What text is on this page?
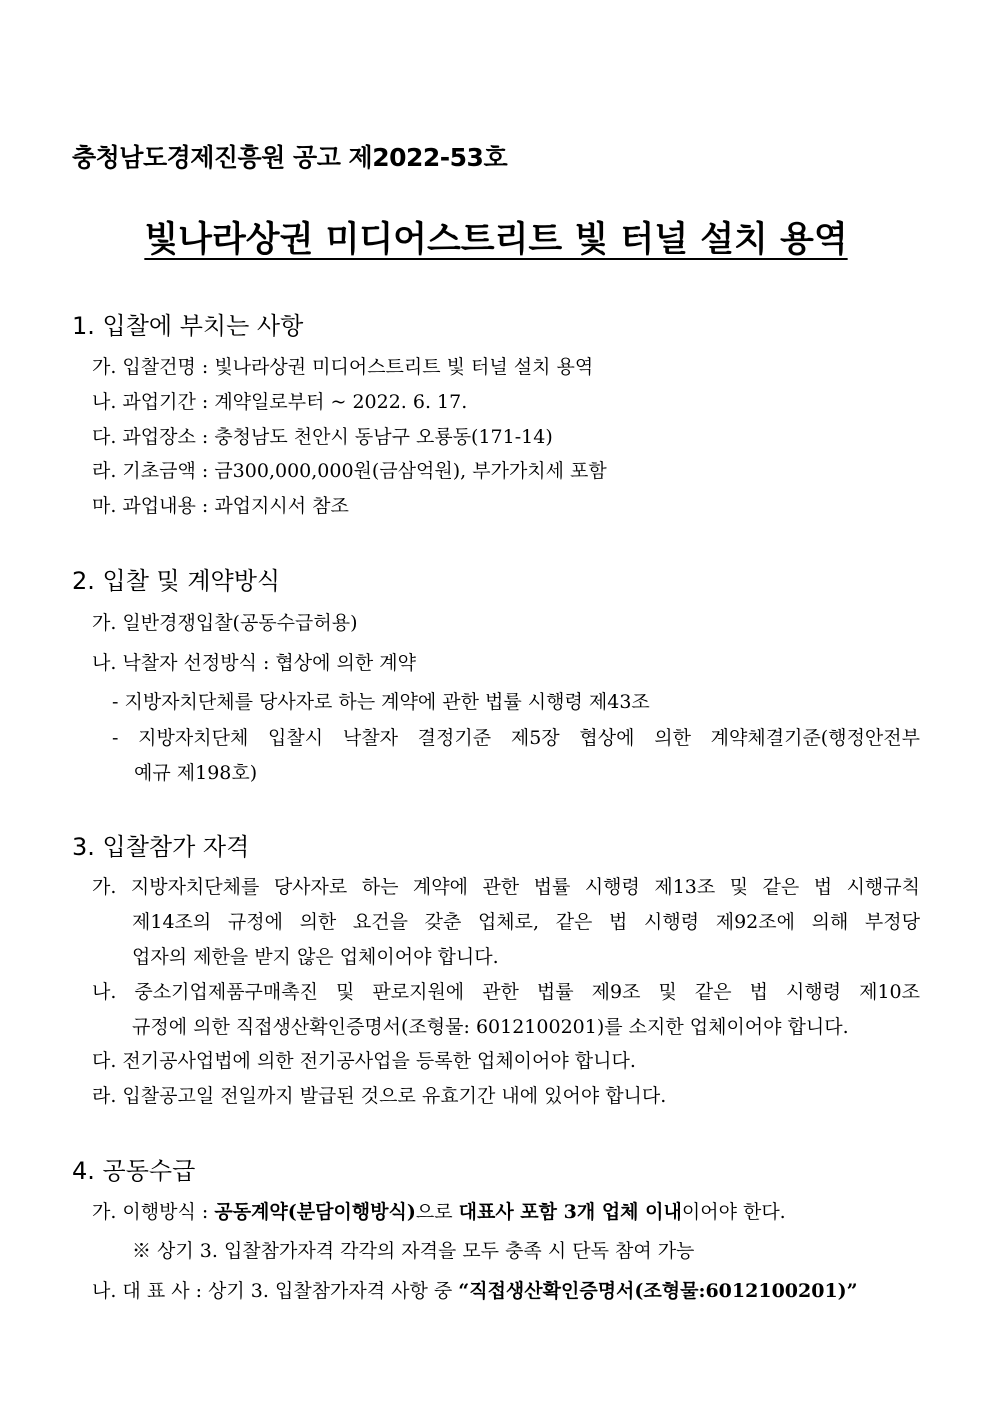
충청남도경제진흥원 공고 제2022-53호
빛나라상권 미디어스트리트 빛 터널 설치 용역
1. 입찰에 부치는 사항
가. 입찰건명 : 빛나라상권 미디어스트리트 빛 터널 설치 용역
나. 과업기간 : 계약일로부터 ~ 2022. 6. 17.
다. 과업장소 : 충청남도 천안시 동남구 오룡동(171-14)
라. 기초금액 : 금300,000,000원(금삼억원), 부가가치세 포함
마. 과업내용 : 과업지시서 참조
2. 입찰 및 계약방식
가. 일반경쟁입찰(공동수급허용)
나. 낙찰자 선정방식 : 협상에 의한 계약
- 지방자치단체를 당사자로 하는 계약에 관한 법률 시행령 제43조
- 지방자치단체 입찰시 낙찰자 결정기준 제5장 협상에 의한 계약체결기준(행정안전부
예규 제198호)
3. 입찰참가 자격
가. 지방자치단체를 당사자로 하는 계약에 관한 법률 시행령 제13조 및 같은 법 시행규칙
제14조의 규정에 의한 요건을 갖춘 업체로, 같은 법 시행령 제92조에 의해 부정당
업자의 제한을 받지 않은 업체이어야 합니다.
나. 중소기업제품구매촉진 및 판로지원에 관한 법률 제9조 및 같은 법 시행령 제10조
규정에 의한 직접생산확인증명서(조형물: 6012100201)를 소지한 업체이어야 합니다.
다. 전기공사업법에 의한 전기공사업을 등록한 업체이어야 합니다.
라. 입찰공고일 전일까지 발급된 것으로 유효기간 내에 있어야 합니다.
4. 공동수급
가. 이행방식 : 공동계약(분담이행방식)으로 대표사 포함 3개 업체 이내이어야 한다.
※ 상기 3. 입찰참가자격 각각의 자격을 모두 충족 시 단독 참여 가능
나. 대 표 사 : 상기 3. 입찰참가자격 사항 중 “직접생산확인증명서(조형물:6012100201)”
